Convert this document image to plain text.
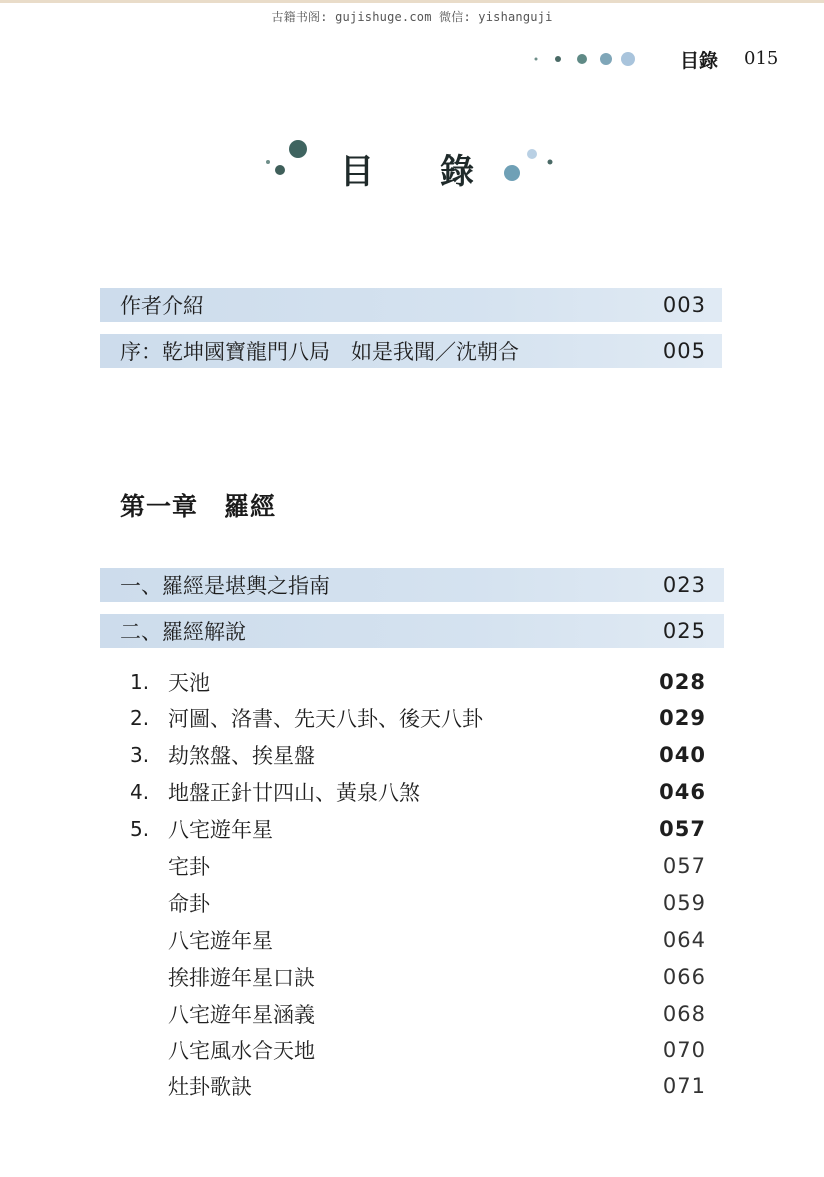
古籍书阁: gujishuge.com 微信: yishanguji
目錄 015
目 錄
作者介紹	003
序：乾坤國寶龍門八局　如是我聞／沈朝合	005
第一章　羅經
一、羅經是堪輿之指南	023
二、羅經解說	025
1. 天池	028
2. 河圖、洛書、先天八卦、後天八卦	029
3. 劫煞盤、挨星盤	040
4. 地盤正針廿四山、黃泉八煞	046
5. 八宅遊年星	057
宅卦	057
命卦	059
八宅遊年星	064
挨排遊年星口訣	066
八宅遊年星涵義	068
八宅風水合天地	070
灶卦歌訣	071
